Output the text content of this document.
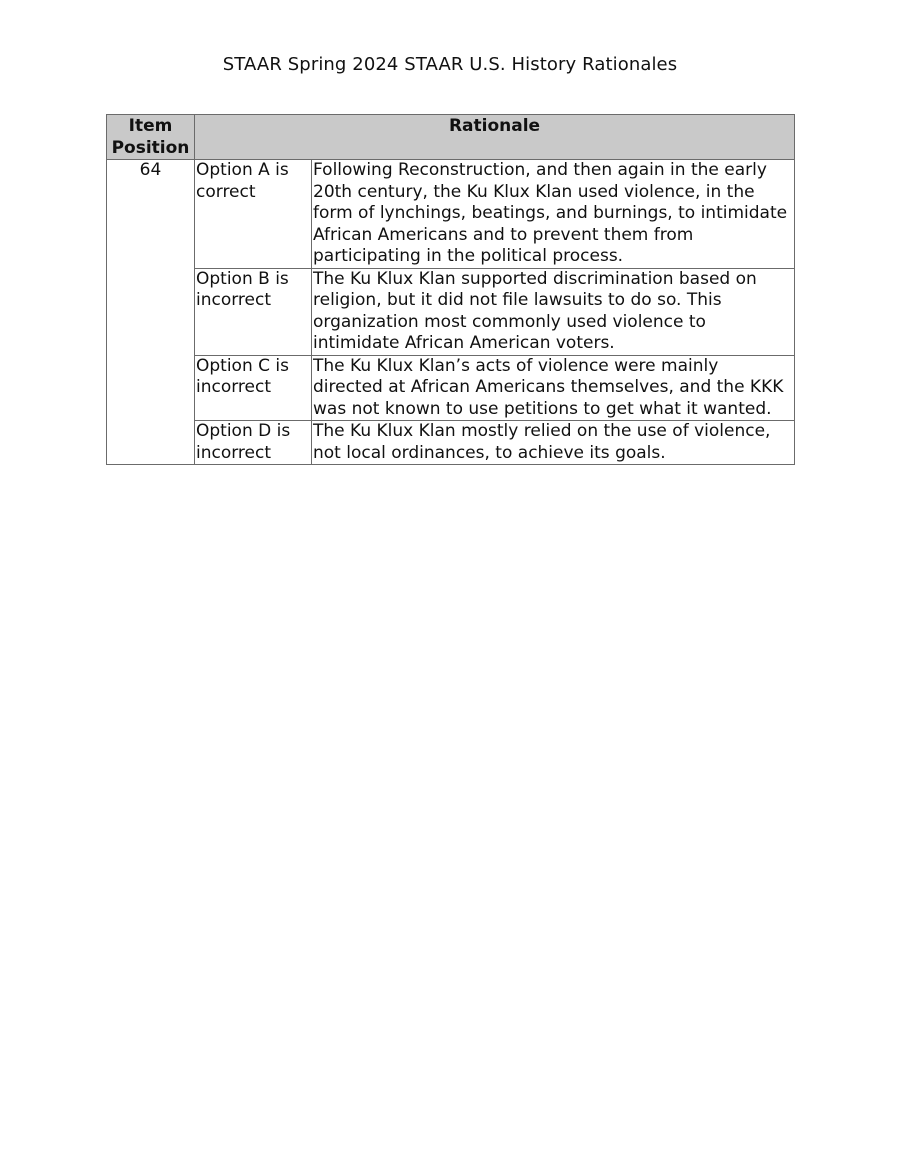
STAAR Spring 2024 STAAR U.S. History Rationales
Item Position	Rationale	
64	Option A is correct	Following Reconstruction, and then again in the early 20th century, the Ku Klux Klan used violence, in the form of lynchings, beatings, and burnings, to intimidate African Americans and to prevent them from participating in the political process.
	Option B is incorrect	The Ku Klux Klan supported discrimination based on religion, but it did not file lawsuits to do so. This organization most commonly used violence to intimidate African American voters.
	Option C is incorrect	The Ku Klux Klan’s acts of violence were mainly directed at African Americans themselves, and the KKK was not known to use petitions to get what it wanted.
	Option D is incorrect	The Ku Klux Klan mostly relied on the use of violence, not local ordinances, to achieve its goals.
